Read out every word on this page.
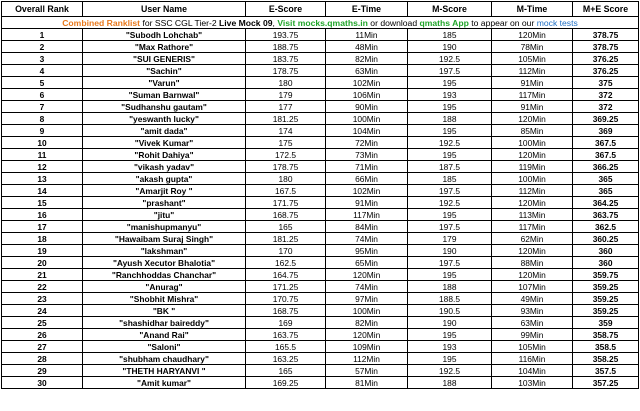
Overall Rank	User Name	E-Score	E-Time	M-Score	M-Time	M+E Score
Combined Ranklist for SSC CGL Tier-2 Live Mock 09, Visit mocks.qmaths.in or download qmaths App to appear on our mock tests						
1	"Subodh Lohchab"	193.75	11Min	185	120Min	378.75
2	"Max Rathore"	188.75	48Min	190	78Min	378.75
3	"SUI GENERIS"	183.75	82Min	192.5	105Min	376.25
4	"Sachin"	178.75	63Min	197.5	112Min	376.25
5	"Varun"	180	102Min	195	91Min	375
6	"Suman Barnwal"	179	106Min	193	117Min	372
7	"Sudhanshu gautam"	177	90Min	195	91Min	372
8	"yeswanth lucky"	181.25	100Min	188	120Min	369.25
9	"amit dada"	174	104Min	195	85Min	369
10	"Vivek Kumar"	175	72Min	192.5	100Min	367.5
11	"Rohit Dahiya"	172.5	73Min	195	120Min	367.5
12	"vikash yadav"	178.75	71Min	187.5	119Min	366.25
13	"akash gupta"	180	66Min	185	100Min	365
14	"Amarjit Roy "	167.5	102Min	197.5	112Min	365
15	"prashant"	171.75	91Min	192.5	120Min	364.25
16	"jitu"	168.75	117Min	195	113Min	363.75
17	"manishupmanyu"	165	84Min	197.5	117Min	362.5
18	"Hawaibam Suraj Singh"	181.25	74Min	179	62Min	360.25
19	"lakshman"	170	95Min	190	120Min	360
20	"Ayush Xecutor Bhalotia"	162.5	65Min	197.5	88Min	360
21	"Ranchhoddas Chanchar"	164.75	120Min	195	120Min	359.75
22	"Anurag"	171.25	74Min	188	107Min	359.25
23	"Shobhit Mishra"	170.75	97Min	188.5	49Min	359.25
24	"BK "	168.75	100Min	190.5	93Min	359.25
25	"shashidhar baireddy"	169	82Min	190	63Min	359
26	"Anand Rai"	163.75	120Min	195	99Min	358.75
27	"Saloni"	165.5	109Min	193	105Min	358.5
28	"shubham chaudhary"	163.25	112Min	195	116Min	358.25
29	"THETH HARYANVI "	165	57Min	192.5	104Min	357.5
30	"Amit kumar"	169.25	81Min	188	103Min	357.25
